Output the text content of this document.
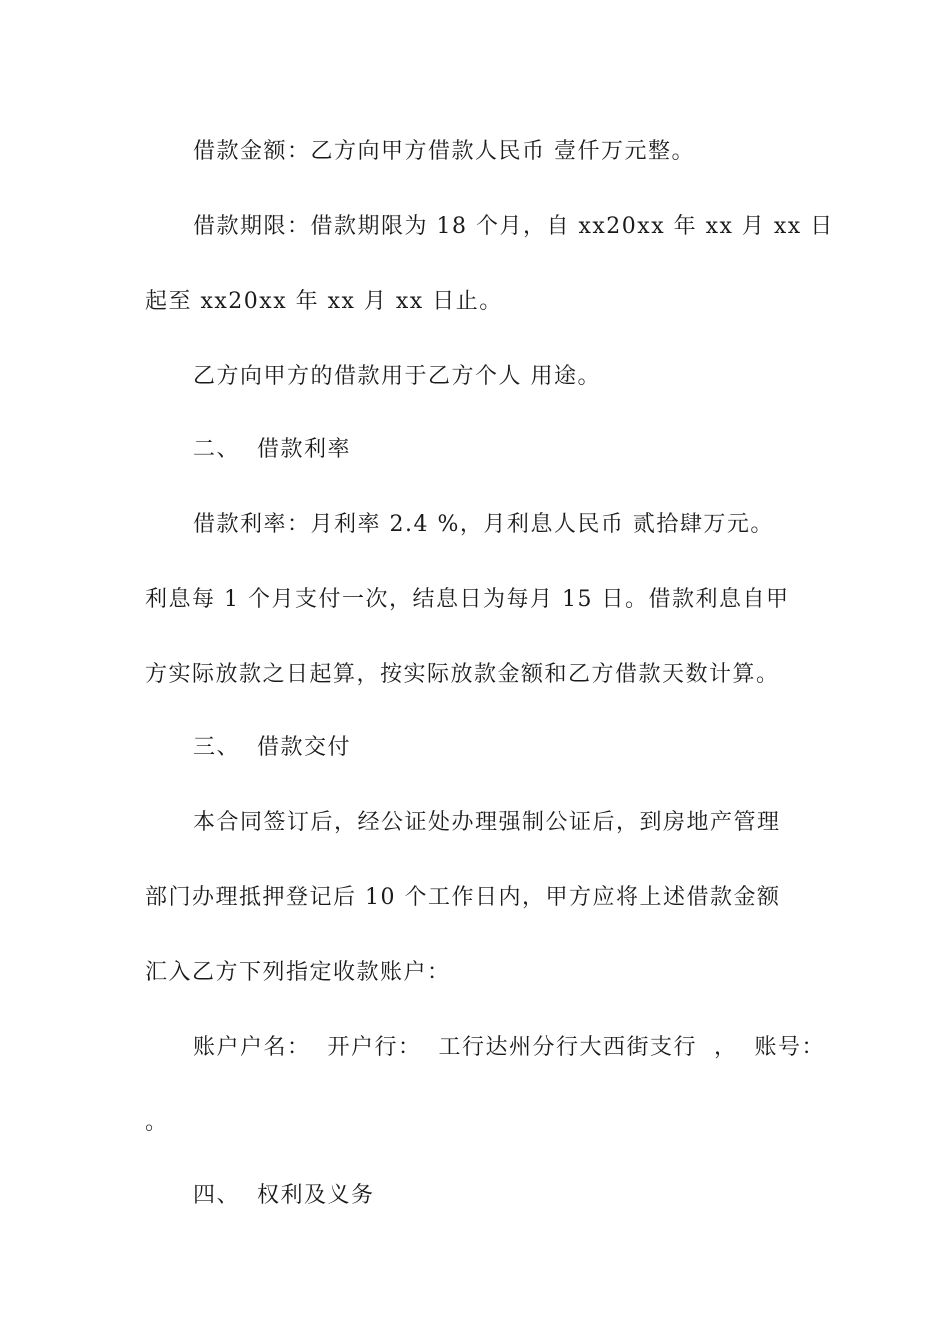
借款金额：乙方向甲方借款人民币 壹仟万元整。
借款期限：借款期限为 18 个月，自 xx20xx 年 xx 月 xx 日
起至 xx20xx 年 xx 月 xx 日止。
乙方向甲方的借款用于乙方个人 用途。
二、  借款利率
借款利率：月利率 2.4 %，月利息人民币 贰拾肆万元。
利息每 1 个月支付一次，结息日为每月 15 日。借款利息自甲
方实际放款之日起算，按实际放款金额和乙方借款天数计算。
三、  借款交付
本合同签订后，经公证处办理强制公证后，到房地产管理
部门办理抵押登记后 10 个工作日内，甲方应将上述借款金额
汇入乙方下列指定收款账户：
账户户名：  开户行：  工行达州分行大西街支行  ，  账号：
。
四、  权利及义务
